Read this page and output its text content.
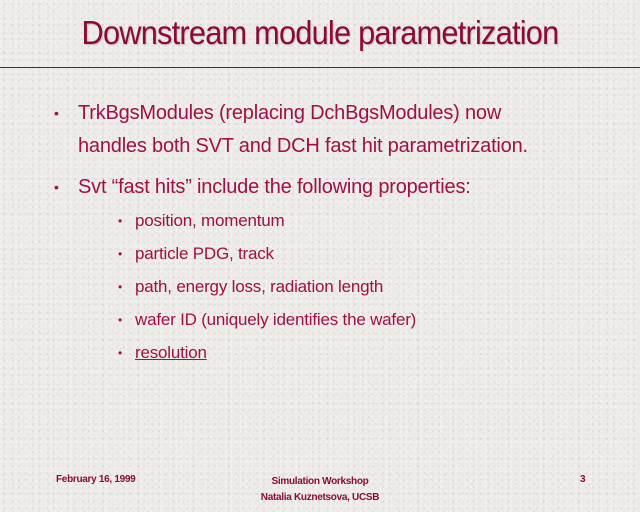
Downstream module parametrization
• TrkBgsModules (replacing DchBgsModules) now
handles both SVT and DCH fast hit parametrization.
• Svt “fast hits” include the following properties:
• position, momentum
• particle PDG, track
• path, energy loss, radiation length
• wafer ID (uniquely identifies the wafer)
• resolution
February 16, 1999	Simulation Workshop
Natalia Kuznetsova, UCSB
3
